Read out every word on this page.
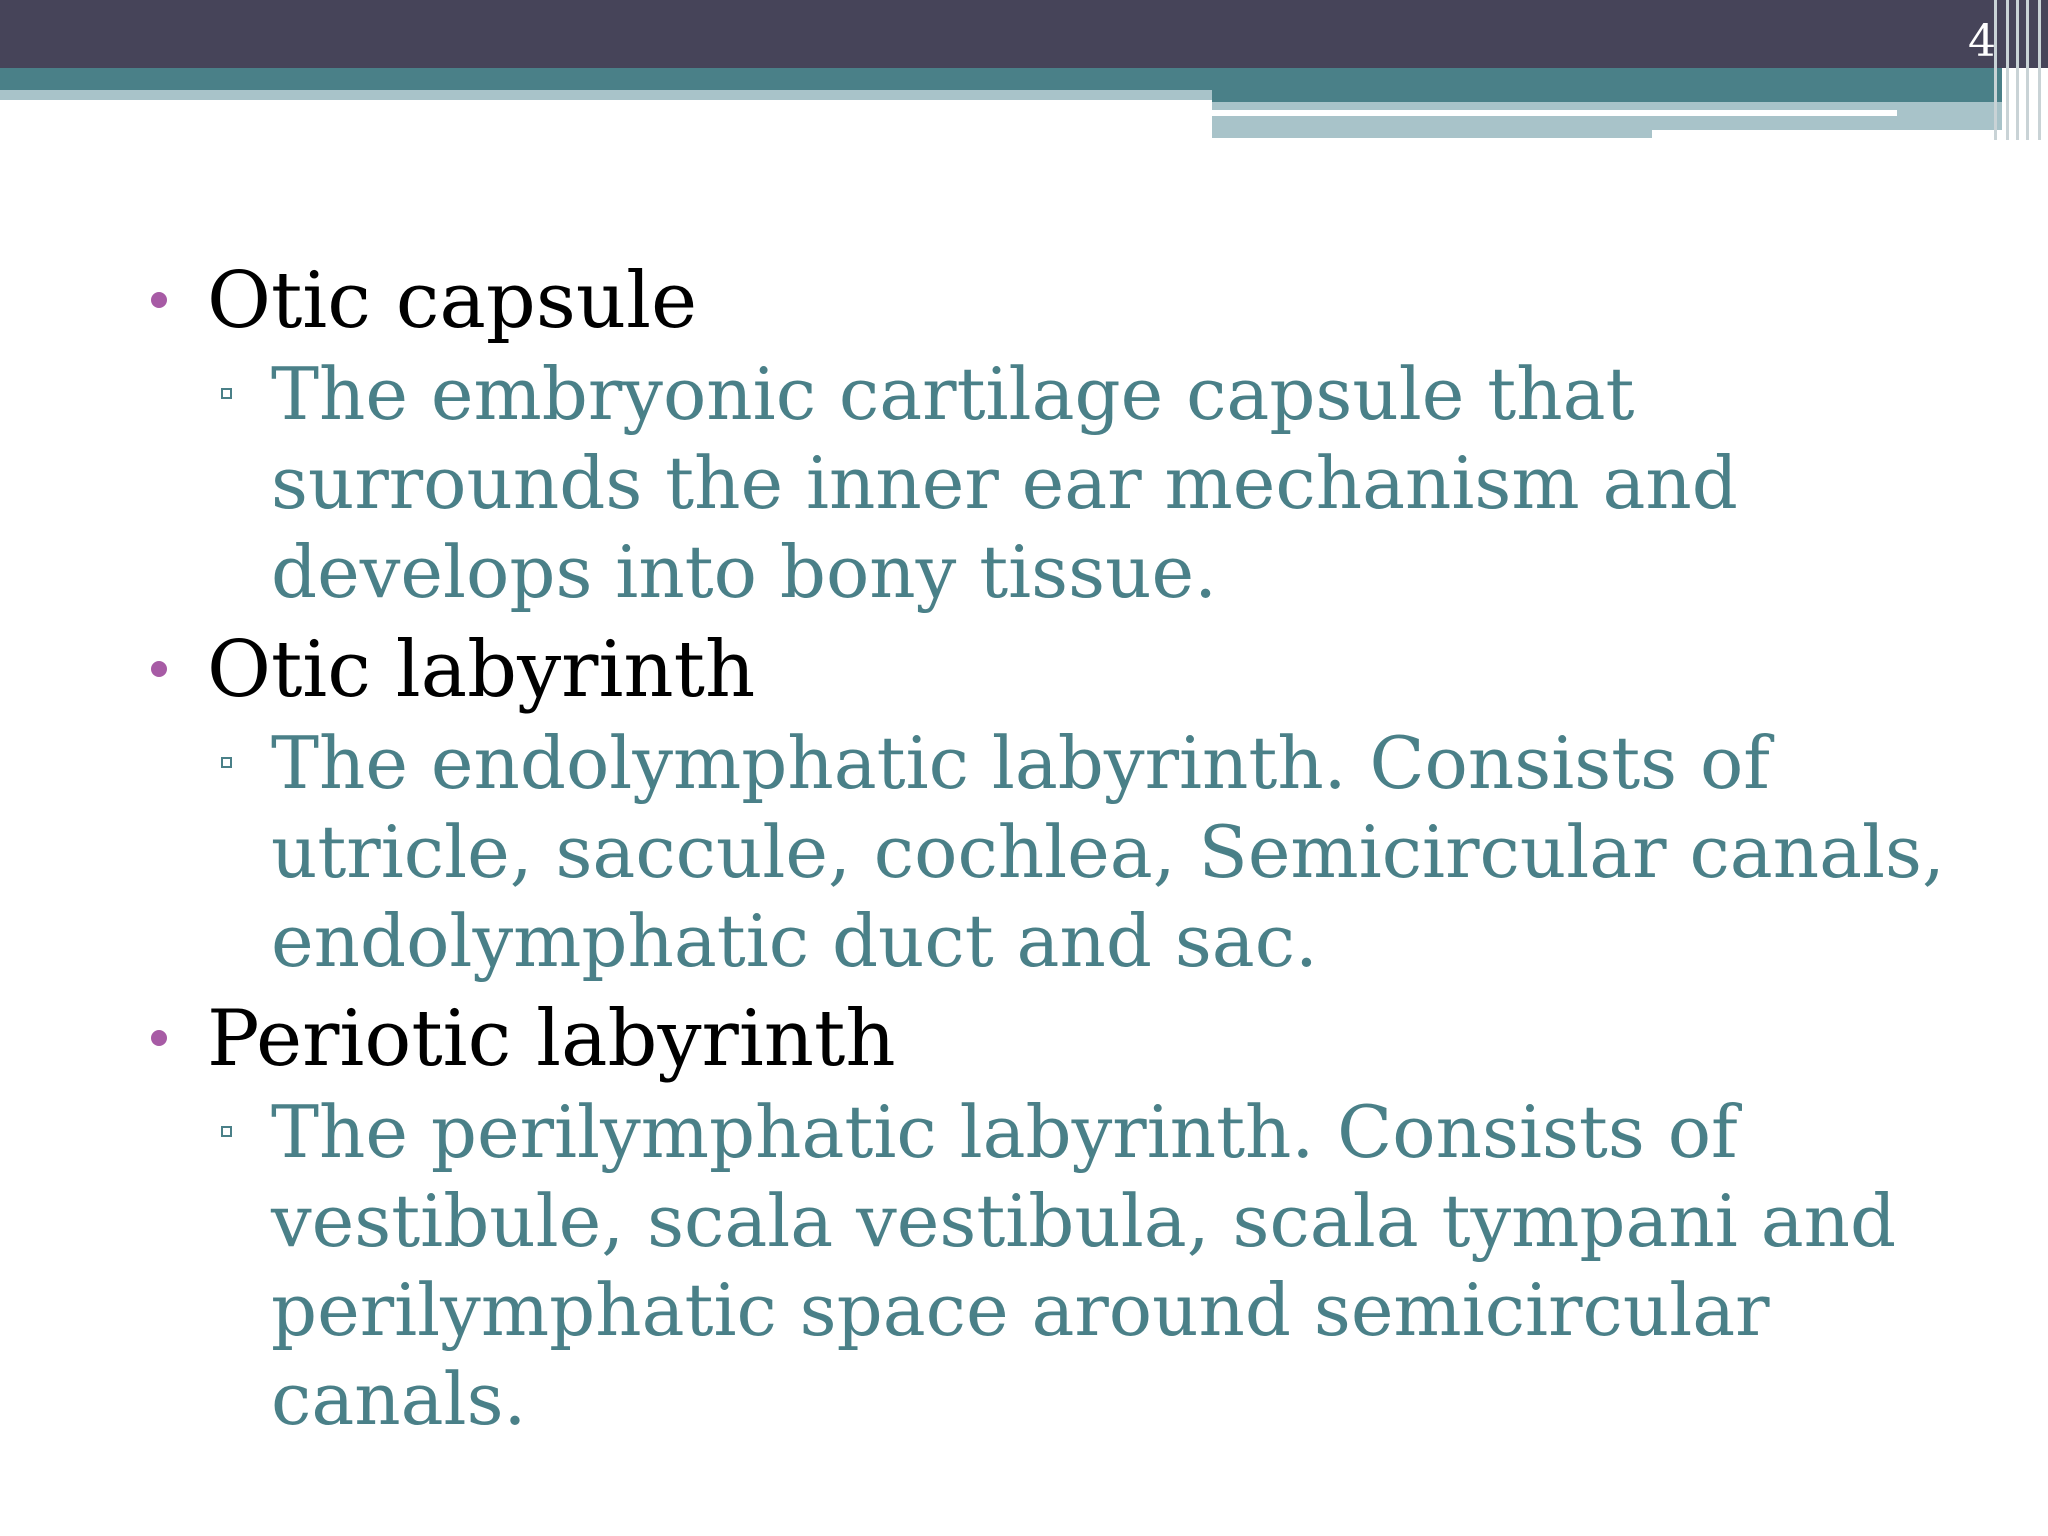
4
Otic capsule
The embryonic cartilage capsule that surrounds the inner ear mechanism and develops into bony tissue.
Otic labyrinth
The endolymphatic labyrinth. Consists of utricle, saccule, cochlea, Semicircular canals, endolymphatic duct and sac.
Periotic labyrinth
The perilymphatic labyrinth. Consists of vestibule, scala vestibula, scala tympani and perilymphatic space around semicircular canals.
